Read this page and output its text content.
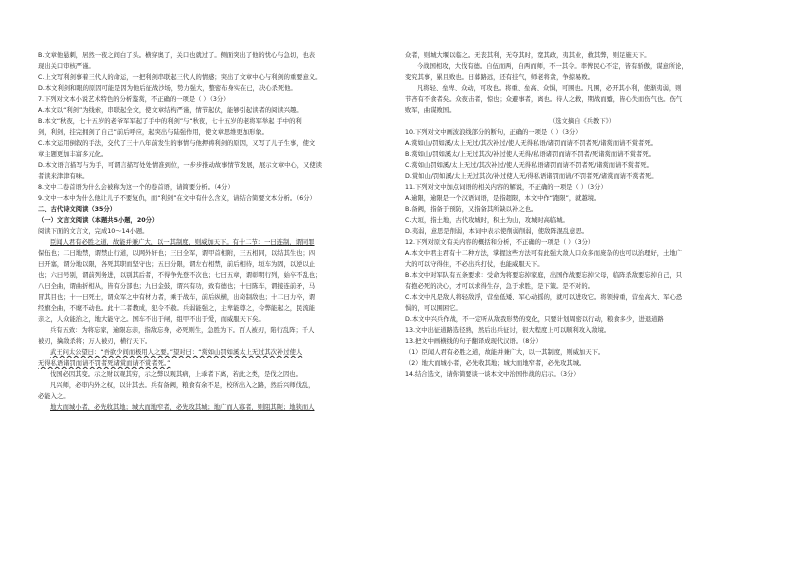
B.文章他悬刺，居然一夜之间白了头。横穿奥了，关口也就过了。侧面突出了他的忧心与急切，也表
现出关口审核严谨。
C.上文写利剑事着三代人的命运，一把利剑串联起三代人的情感；突出了文章中心与利剑的重要意义。
D.本文利剑和眼的原因可能是因为他后征战沙场，势力强大，整密布身实在已，决心杀死他。
7.下列对文本小说艺术特色的分析鉴赏，不正确的一项是（ ）（3分）
A.本文以“利剑”为线索，串联起全文，使文章结构严谨，情节起伏，能够引起读者的阅读兴趣。
B.本文“秋夜，七十五岁的老爷军军起了手中的利剑”与“秋夜，七十五岁的老将军举起 手中的利
剑，利剑，挂完拥剑了自己”前后呼应，起突出与陆强作用，使文章思维更加形象。
C.本文运用倒叙的手法，交代了三十八年前发生的事情与他押祷利剑的原因，又写了儿子生事，使文
章主题更加丰富多元化。
D.本文语言描写与为手，可谓言描写处处情准到位，一步步推动故事情节发展，展示文章中心，又使读
者读来津津有味。
8.文中二卷首语为什么会被称为这一个的卷首语，请简要分析。（4分）
9.文中一本中为什么他让儿子不要复仇，而“利剑”在文中有什么含义，请结合简要文本分析。（6分）
二、古代诗文阅读（35分）
（一）文言文阅读（本题共5小题，20分）
阅读下面的文言文，完成10～14小题。
臣闻人君有必胜之道，故能并兼广大，以一其制度，则威加天下。有十二节：一曰连制，谓同罪
保伍也；二曰地禁，谓禁止行道，以网外奸也；三曰全军，谓甲首相附，三五相同，以结其生也；四
曰开塞，谓分地以限，各死其职而坚守也；五曰分限，谓左右相禁，前后相待，垣车为固，以逆以止
也；六曰号别，谓前列务进，以别其后者，不得争先登不次也；七曰五章，谓彰明行列，始卒不乱也；
八曰全曲，谓曲折相从，皆有分部也；九曰金鼓，谓兴有功，致有德也；十曰陈车，谓接连前矛，马
冒其目也；十一曰死士，谓众军之中有材力者，乘于战车，前后纵横，出奇制敌也；十二曰力卒，谓
经旗全曲，不麾不动也。此十二者教成，犯令不赦。兵弱能强之，主卑能尊之，令弊能起之，民流能
亲之，人众能治之，地大能守之。国车不出于闸，组甲不出于爱，而威服天下矣。
兵有五致：为将忘家，逾限忘亲，指敌忘身，必死则生，急胜为下。百人被刃，陷行乱阵；千人
被刃，擒敌杀将；万人被刃，横行天下。
武王问太公望曰：“吾欲少间而极用人之要。”望对曰：“赏如山罚如溪太上无过其次补过使人
无得私语诸罚而请不罚者死诸赏而请不赏者死。”
伐国必因其变。示之财以观其穷，示之弊以观其病，上乖者下离，若此之类，是伐之因也。
凡兴师，必审内外之权，以计其去。兵有备阙，粮食有余不足，校所出入之路，然后兴师伐乱，
必能入之。
地大而城小者，必先收其地；城大而地窄者，必先攻其城；地广而人寡者，则阻其阨；地狭而人
众者，则城大堰以临之。无丧其利，无夺其时，宽其政，夷其业，救其弊，则足施天下。
今战国相攻，大伐有德。自伍而两，自两而师，不一其令。率俾民心不定，皆有骄傲，谋意所论，
变究其事，累且败也。日暮路远，还有挂气，师老将贪，争掠易败。
凡将轻、垒卑、众动，可攻也。将重、垒高、众惧，可围也。凡围，必开其小利，使渐夷弱，则
节吝有不食者矣。众夜击者，惊也；众避事者，离也。待人之救，期战而蹙，皆心失而伤气也。伤气
败军，曲谋败国。
（选文摘自《兵教下》）
10.下列对文中画波浪线部分的断句，正确的一项是（ ）（3分）
A.赏如山/罚如溪/太上无过/其次补过/使人无得私语/诸罚而请不罚者死/诸赏而请不赏者死。
B.赏如山/罚如溪太/上无过其次/补过使人无得/私语诸罚而请不罚者/死诸赏而请不赏者死。
C.赏如山罚如溪/太上无过/其次补过/使人无得私语诸罚而请不罚者死/诸赏而请不赏者死。
D.赏如山/罚如溪/太上无过其次/补过使人无/得私语诸罚而请/不罚者死/诸赏而请不赏者死。
11.下列对文中加点词语的相关内容的解说，不正确的一项是（ ）（3分）
A.逾限，逾限是一个汉语词语，是指超限，本文中作“跑限”，就越境。
B.备阙，指备于预防，又指备其所缺以补之也。
C.大垣，指土地，古代攻城时，积土为山，攻城时高临城。
D.夷弱，意思是削弱，本词中表示使削弱削弱，使敌阵混乱意思。
12.下列对原文有关内容的概括和分析，不正确的一项是（ ）（3分）
A.本文中君主君有十二种方法，掌握这些方法可有此强大敌人口众多而庞杂的也可以治理好，土地广
大的可以守得住，不必出兵打仗，也能威服天下。
B.本文中对军队有五条要求：受命为将要忘掉家庭，出国作战要忘掉父母，临阵杀敌要忘掉自己，只
有抱必死的决心，才可以求得生存，急于求胜，是下策。是不对的。
C.本文中凡是敌人将轻敌浮，营垒低矮、军心动摇的，就可以进攻它。将领持重，营垒高大、军心恐
惧的，可以围困它。
D.本文中兴兵作战，不一定听从敌我形势的变化，只要计划周密以行动，粮食多少，进退道路
13.文中出征道路选径熟，然后出兵征讨，很大程度上可以顺利攻入敌境。
13.把文中画横线的句子翻译成现代汉语。（8分）
（1）臣闻人君有必胜之道，故能并兼广大，以一其制度，则威加天下。
（2）地大而城小者，必先收其地；城大而地窄者，必先攻其城。
14.结合选文，请你简要谈一谈本文中治国作战的启示。（3分）
